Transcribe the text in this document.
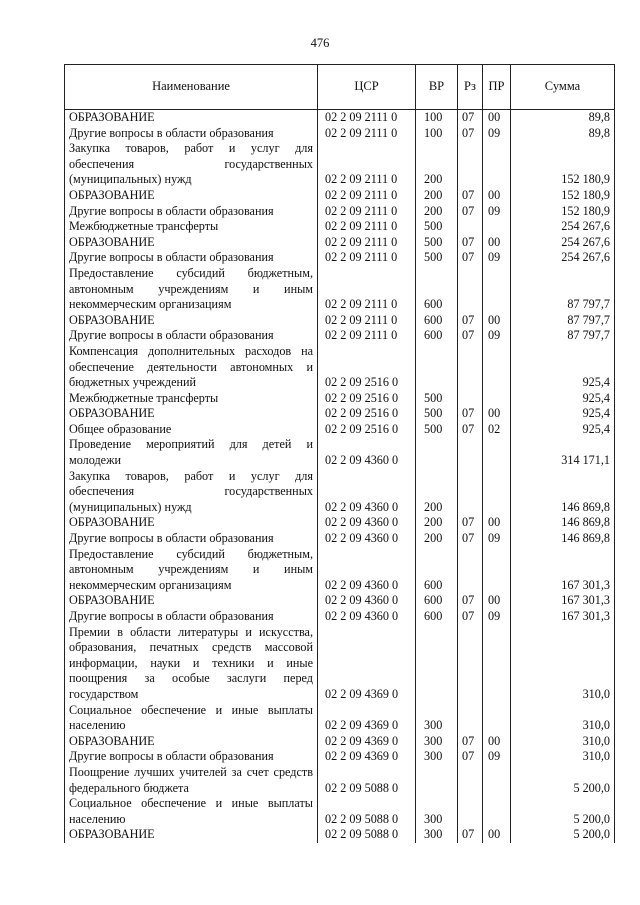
476
Наименование	ЦСР	ВР	Рз	ПР	Сумма
ОБРАЗОВАНИЕ	02 2 09 2111 0	100	07	00	89,8
Другие вопросы в области образования	02 2 09 2111 0	100	07	09	89,8
Закупка товаров, работ и услуг для обеспечения государственных (муниципальных) нужд	02 2 09 2111 0	200			152 180,9
ОБРАЗОВАНИЕ	02 2 09 2111 0	200	07	00	152 180,9
Другие вопросы в области образования	02 2 09 2111 0	200	07	09	152 180,9
Межбюджетные трансферты	02 2 09 2111 0	500			254 267,6
ОБРАЗОВАНИЕ	02 2 09 2111 0	500	07	00	254 267,6
Другие вопросы в области образования	02 2 09 2111 0	500	07	09	254 267,6
Предоставление субсидий бюджетным, автономным учреждениям и иным некоммерческим организациям	02 2 09 2111 0	600			87 797,7
ОБРАЗОВАНИЕ	02 2 09 2111 0	600	07	00	87 797,7
Другие вопросы в области образования	02 2 09 2111 0	600	07	09	87 797,7
Компенсация дополнительных расходов на обеспечение деятельности автономных и бюджетных учреждений	02 2 09 2516 0				925,4
Межбюджетные трансферты	02 2 09 2516 0	500			925,4
ОБРАЗОВАНИЕ	02 2 09 2516 0	500	07	00	925,4
Общее образование	02 2 09 2516 0	500	07	02	925,4
Проведение мероприятий для детей и молодежи	02 2 09 4360 0				314 171,1
Закупка товаров, работ и услуг для обеспечения государственных (муниципальных) нужд	02 2 09 4360 0	200			146 869,8
ОБРАЗОВАНИЕ	02 2 09 4360 0	200	07	00	146 869,8
Другие вопросы в области образования	02 2 09 4360 0	200	07	09	146 869,8
Предоставление субсидий бюджетным, автономным учреждениям и иным некоммерческим организациям	02 2 09 4360 0	600			167 301,3
ОБРАЗОВАНИЕ	02 2 09 4360 0	600	07	00	167 301,3
Другие вопросы в области образования	02 2 09 4360 0	600	07	09	167 301,3
Премии в области литературы и искусства, образования, печатных средств массовой информации, науки и техники и иные поощрения за особые заслуги перед государством	02 2 09 4369 0				310,0
Социальное обеспечение и иные выплаты населению	02 2 09 4369 0	300			310,0
ОБРАЗОВАНИЕ	02 2 09 4369 0	300	07	00	310,0
Другие вопросы в области образования	02 2 09 4369 0	300	07	09	310,0
Поощрение лучших учителей за счет средств федерального бюджета	02 2 09 5088 0				5 200,0
Социальное обеспечение и иные выплаты населению	02 2 09 5088 0	300			5 200,0
ОБРАЗОВАНИЕ	02 2 09 5088 0	300	07	00	5 200,0
